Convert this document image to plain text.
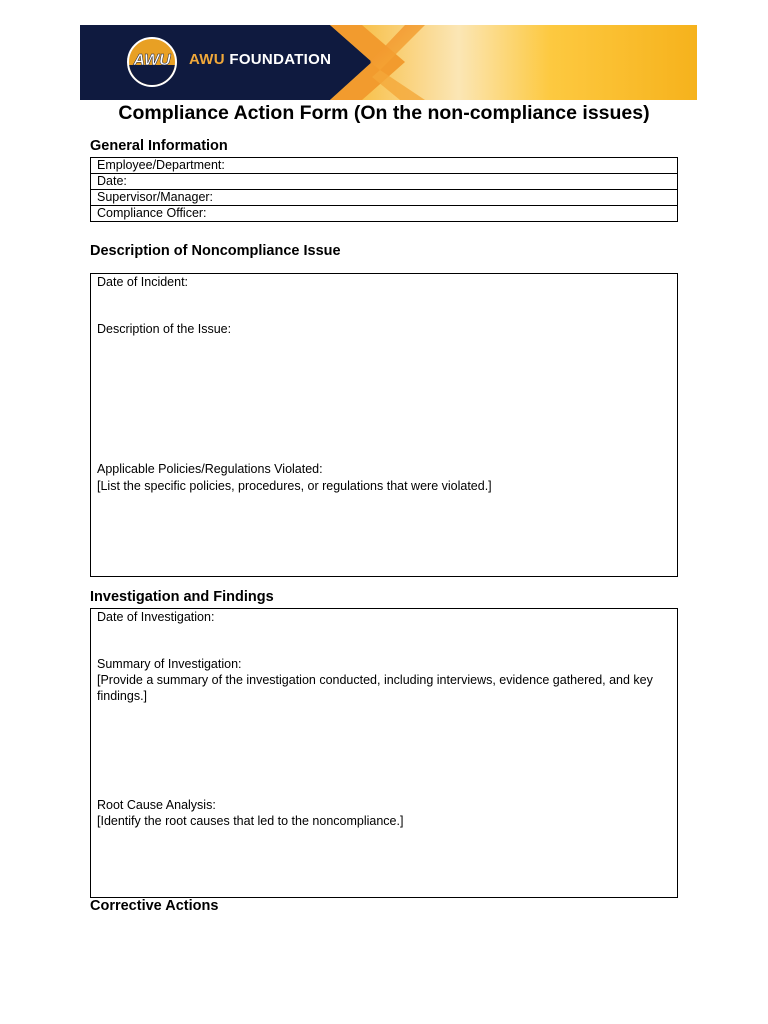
AWU AWU FOUNDATION
Compliance Action Form (On the non-compliance issues)
General Information
Employee/Department:
Date:
Supervisor/Manager:
Compliance Officer:
Description of Noncompliance Issue
Date of Incident:
Description of the Issue:
Applicable Policies/Regulations Violated:
[List the specific policies, procedures, or regulations that were violated.]
Investigation and Findings
Date of Investigation:
Summary of Investigation:
[Provide a summary of the investigation conducted, including interviews, evidence gathered, and key findings.]
Root Cause Analysis:
[Identify the root causes that led to the noncompliance.]
Corrective Actions
